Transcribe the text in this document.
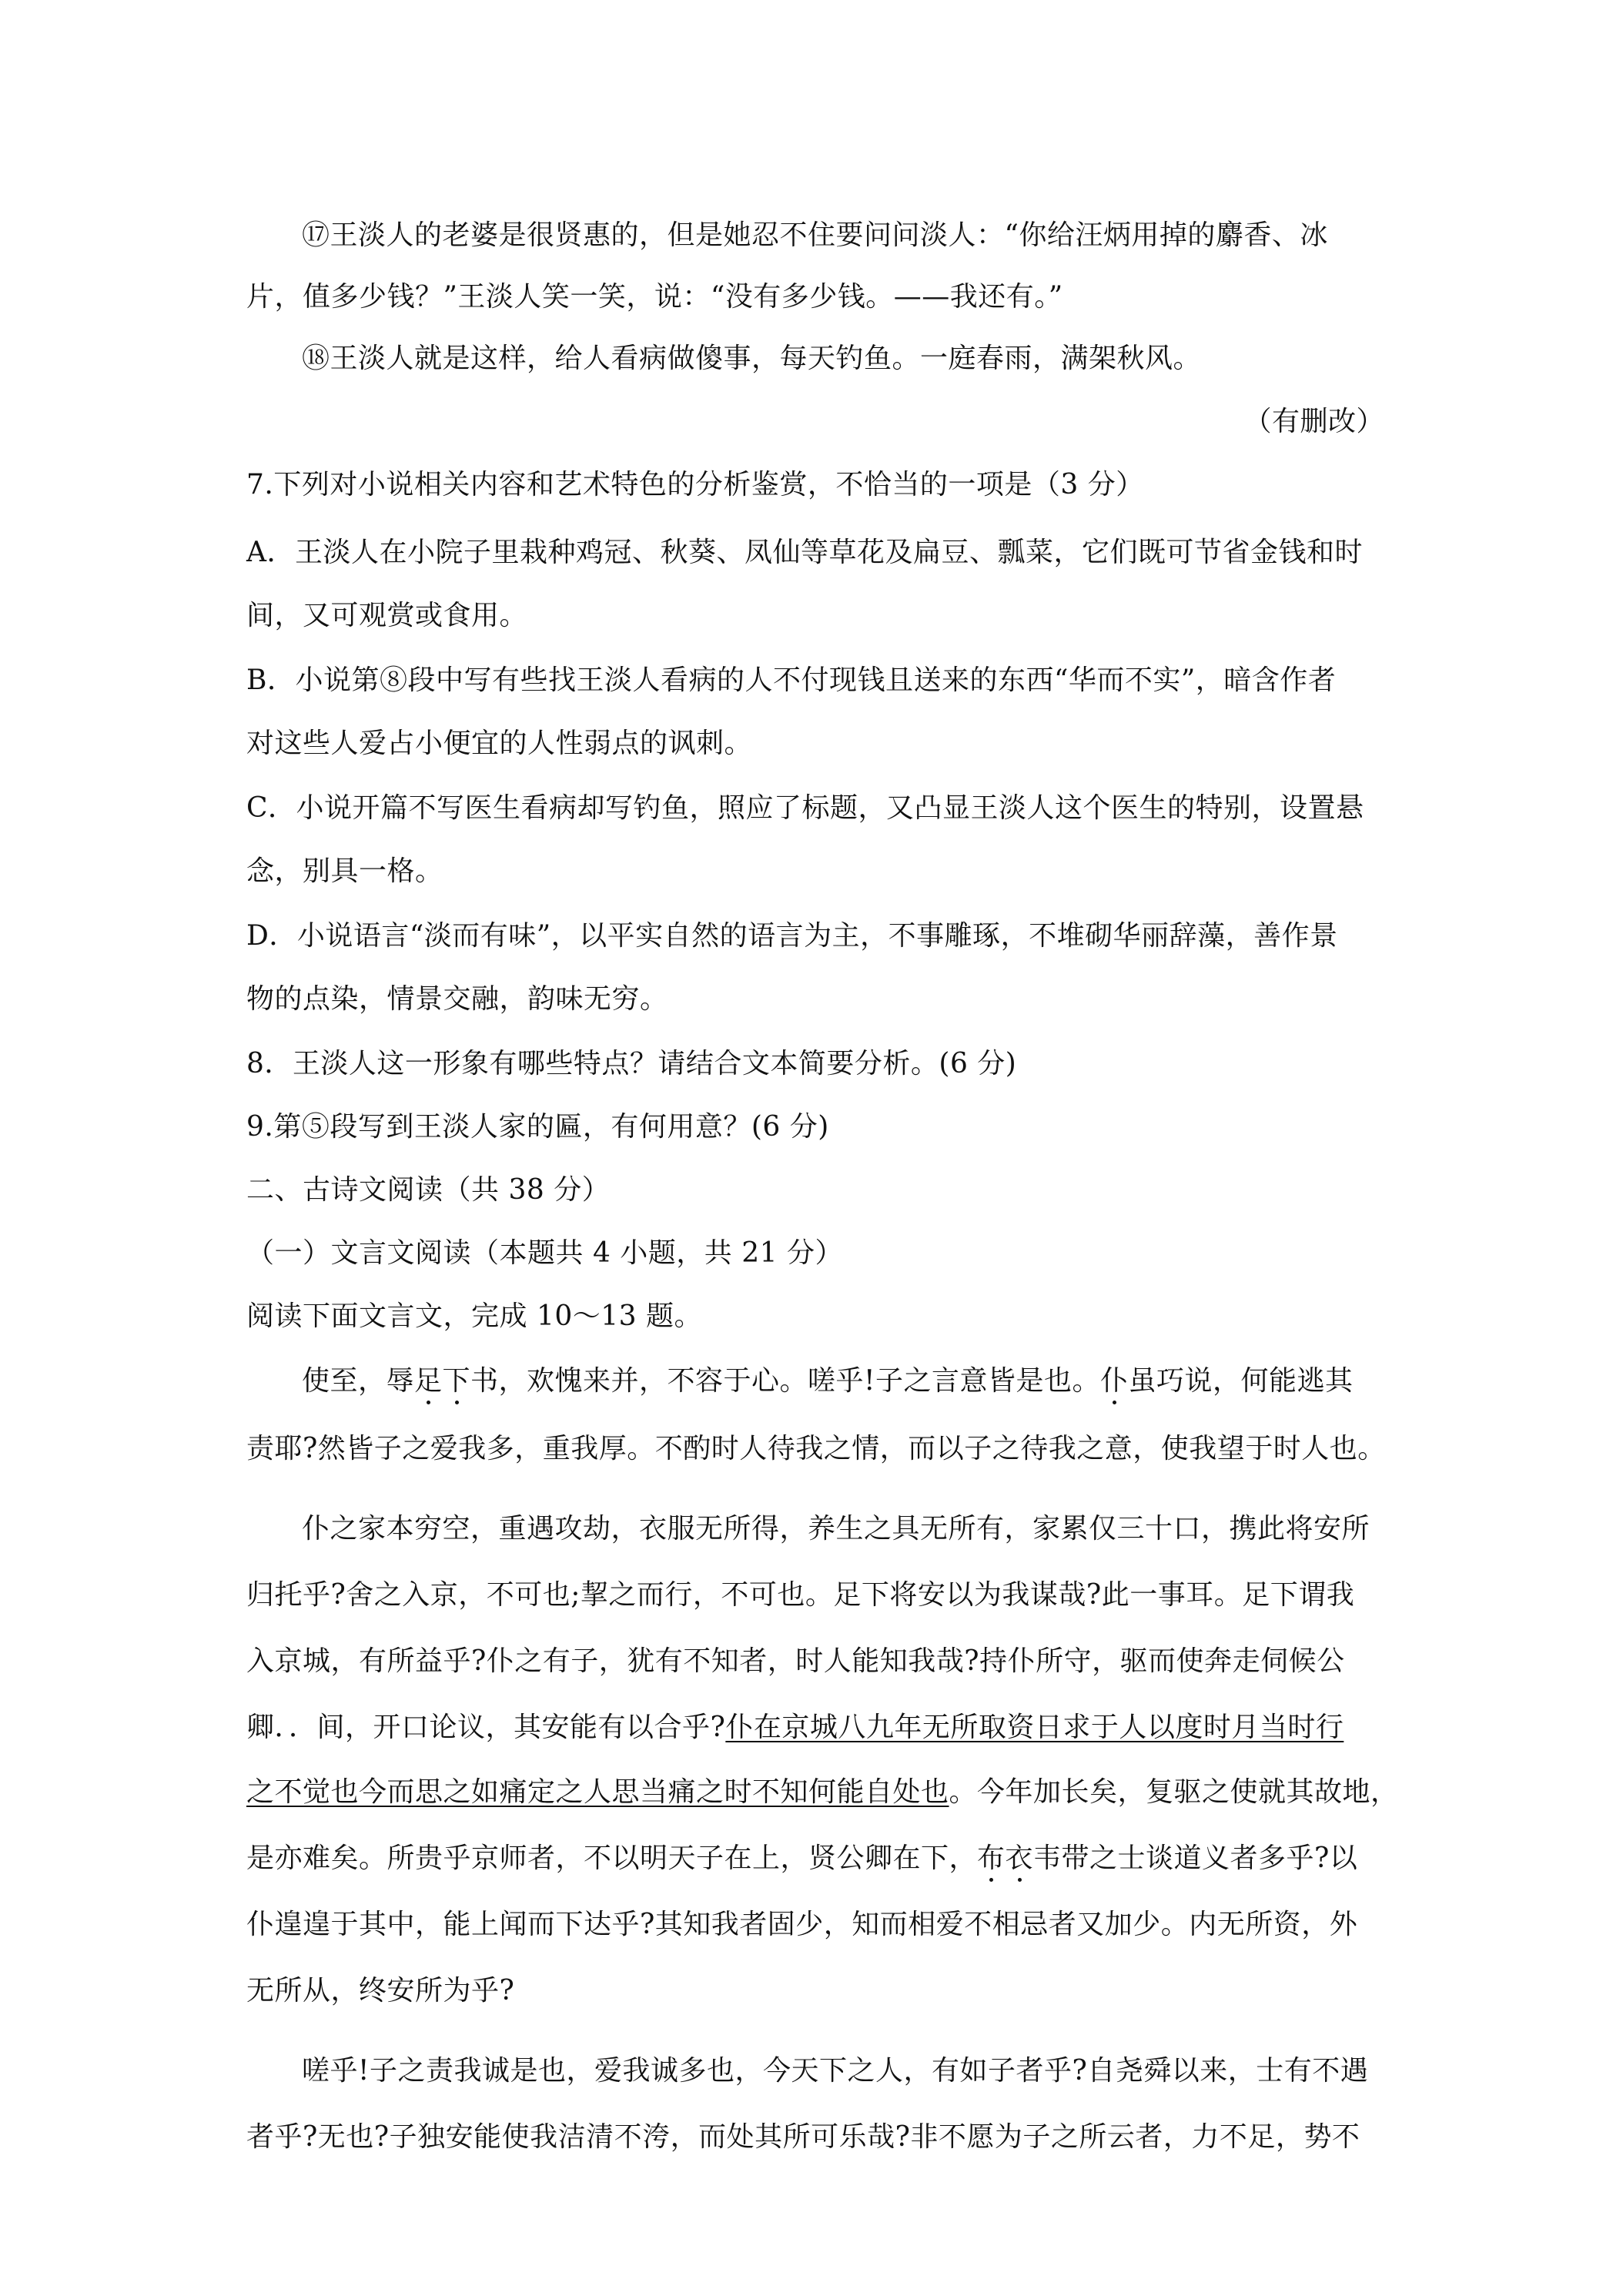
⑰王淡人的老婆是很贤惠的，但是她忍不住要问问淡人：“你给汪炳用掉的麝香、冰
片，值多少钱？”王淡人笑一笑，说：“没有多少钱。——我还有。”
⑱王淡人就是这样，给人看病做傻事，每天钓鱼。一庭春雨，满架秋风。
（有删改）
7.下列对小说相关内容和艺术特色的分析鉴赏，不恰当的一项是（3 分）
A．王淡人在小院子里栽种鸡冠、秋葵、凤仙等草花及扁豆、瓢菜，它们既可节省金钱和时
间，又可观赏或食用。
B．小说第⑧段中写有些找王淡人看病的人不付现钱且送来的东西“华而不实”，暗含作者
对这些人爱占小便宜的人性弱点的讽刺。
C．小说开篇不写医生看病却写钓鱼，照应了标题，又凸显王淡人这个医生的特别，设置悬
念，别具一格。
D．小说语言“淡而有味”，以平实自然的语言为主，不事雕琢，不堆砌华丽辞藻，善作景
物的点染，情景交融，韵味无穷。
8．王淡人这一形象有哪些特点？请结合文本简要分析。(6 分)
9.第⑤段写到王淡人家的匾，有何用意？(6 分)
二、古诗文阅读（共 38 分）
（一）文言文阅读（本题共 4 小题，共 21 分）
阅读下面文言文，完成 10～13 题。
使至，辱足下书，欢愧来并，不容于心。嗟乎!子之言意皆是也。仆虽巧说，何能逃其
责耶?然皆子之爱我多，重我厚。不酌时人待我之情，而以子之待我之意，使我望于时人也。
仆之家本穷空，重遇攻劫，衣服无所得，养生之具无所有，家累仅三十口，携此将安所
归托乎?舍之入京，不可也;挈之而行，不可也。足下将安以为我谋哉?此一事耳。足下谓我
入京城，有所益乎?仆之有子，犹有不知者，时人能知我哉?持仆所守，驱而使奔走伺候公
卿．．间，开口论议，其安能有以合乎?仆在京城八九年无所取资日求于人以度时月当时行
之不觉也今而思之如痛定之人思当痛之时不知何能自处也。今年加长矣，复驱之使就其故地，
是亦难矣。所贵乎京师者，不以明天子在上，贤公卿在下，布衣韦带之士谈道义者多乎?以
仆遑遑于其中，能上闻而下达乎?其知我者固少，知而相爱不相忌者又加少。内无所资，外
无所从，终安所为乎?
嗟乎!子之责我诚是也，爱我诚多也，今天下之人，有如子者乎?自尧舜以来，士有不遇
者乎?无也?子独安能使我洁清不洿，而处其所可乐哉?非不愿为子之所云者，力不足，势不
